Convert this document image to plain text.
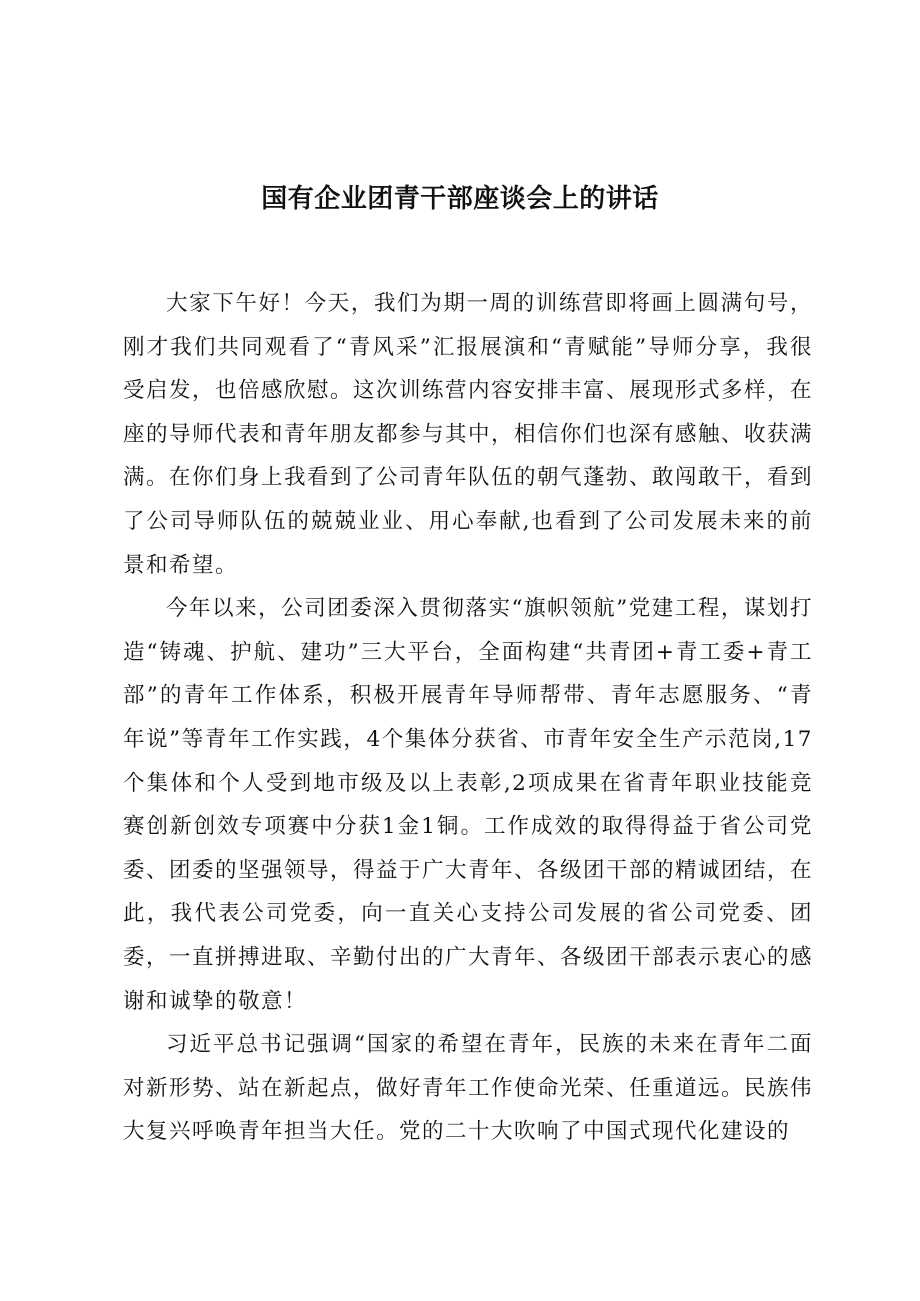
国有企业团青干部座谈会上的讲话

大家下午好！今天，我们为期一周的训练营即将画上圆满句号，刚才我们共同观看了“青风采”汇报展演和“青赋能”导师分享，我很受启发，也倍感欣慰。这次训练营内容安排丰富、展现形式多样，在座的导师代表和青年朋友都参与其中，相信你们也深有感触、收获满满。在你们身上我看到了公司青年队伍的朝气蓬勃、敢闯敢干，看到了公司导师队伍的兢兢业业、用心奉献,也看到了公司发展未来的前景和希望。

今年以来，公司团委深入贯彻落实“旗帜领航”党建工程，谋划打造“铸魂、护航、建功”三大平台，全面构建“共青团+青工委+青工部”的青年工作体系，积极开展青年导师帮带、青年志愿服务、“青年说”等青年工作实践，4个集体分获省、市青年安全生产示范岗,17个集体和个人受到地市级及以上表彰,2项成果在省青年职业技能竞赛创新创效专项赛中分获1金1铜。工作成效的取得得益于省公司党委、团委的坚强领导，得益于广大青年、各级团干部的精诚团结，在此，我代表公司党委，向一直关心支持公司发展的省公司党委、团委，一直拼搏进取、辛勤付出的广大青年、各级团干部表示衷心的感谢和诚挚的敬意！

习近平总书记强调“国家的希望在青年，民族的未来在青年二面对新形势、站在新起点，做好青年工作使命光荣、任重道远。民族伟大复兴呼唤青年担当大任。党的二十大吹响了中国式现代化建设的
